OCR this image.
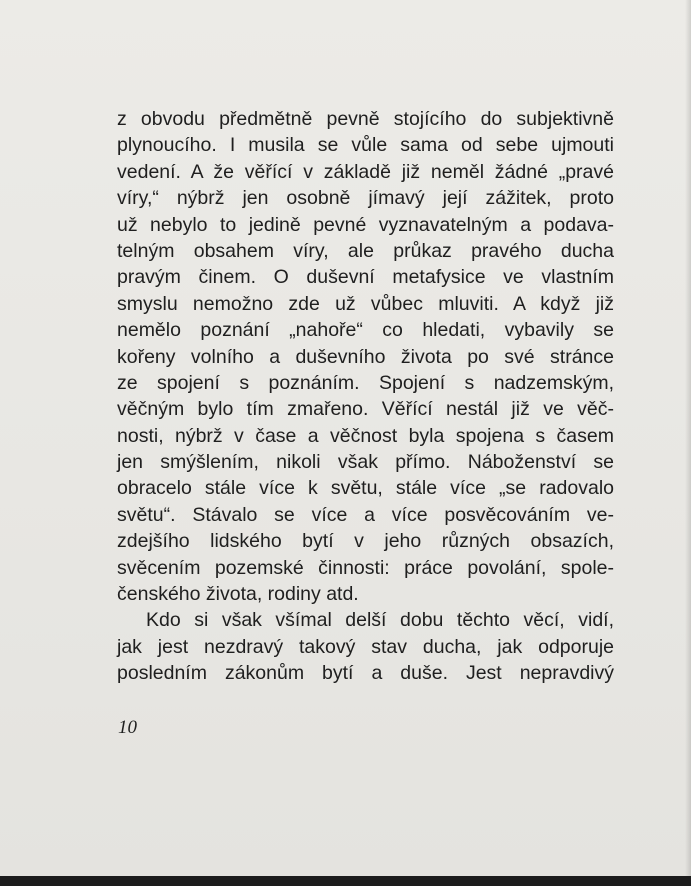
z obvodu předmětně pevně stojícího do subjektivně
plynoucího. I musila se vůle sama od sebe ujmouti
vedení. A že věřící v základě již neměl žádné „pravé
víry,“ nýbrž jen osobně jímavý její zážitek, proto
už nebylo to jedině pevné vyznavatelným a podava-
telným obsahem víry, ale průkaz pravého ducha
pravým činem. O duševní metafysice ve vlastním
smyslu nemožno zde už vůbec mluviti. A když již
nemělo poznání „nahoře“ co hledati, vybavily se
kořeny volního a duševního života po své stránce
ze spojení s poznáním. Spojení s nadzemským,
věčným bylo tím zmařeno. Věřící nestál již ve věč-
nosti, nýbrž v čase a věčnost byla spojena s časem
jen smýšlením, nikoli však přímo. Náboženství se
obracelo stále více k světu, stále více „se radovalo
světu“. Stávalo se více a více posvěcováním ve-
zdejšího lidského bytí v jeho různých obsazích,
svěcením pozemské činnosti: práce povolání, spole-
čenského života, rodiny atd.
Kdo si však všímal delší dobu těchto věcí, vidí,
jak jest nezdravý takový stav ducha, jak odporuje
posledním zákonům bytí a duše. Jest nepravdivý
10
